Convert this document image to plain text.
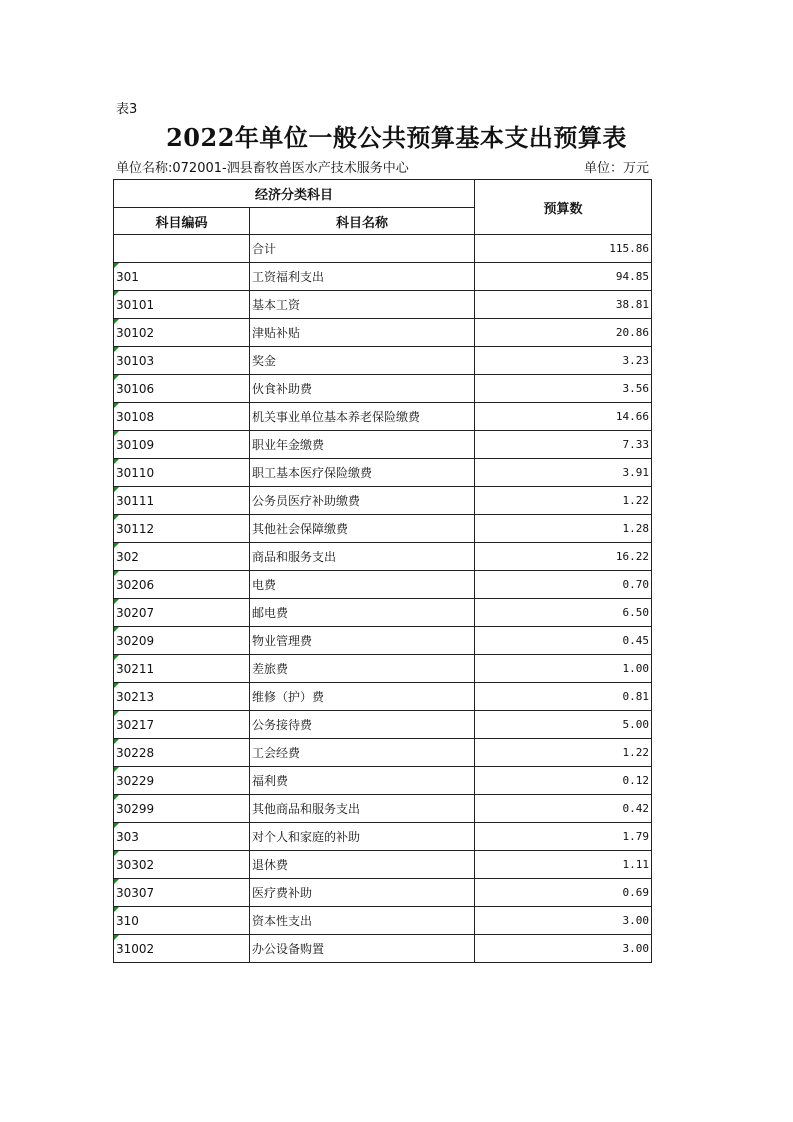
表3
2022年单位一般公共预算基本支出预算表
单位名称:072001-泗县畜牧兽医水产技术服务中心	单位：万元
经济分类科目		预算数
科目编码	科目名称	
	合计	115.86

301	工资福利支出	94.85

30101	基本工资	38.81

30102	津贴补贴	20.86

30103	奖金	3.23

30106	伙食补助费	3.56

30108	机关事业单位基本养老保险缴费	14.66

30109	职业年金缴费	7.33

30110	职工基本医疗保险缴费	3.91

30111	公务员医疗补助缴费	1.22

30112	其他社会保障缴费	1.28

302	商品和服务支出	16.22

30206	电费	0.70

30207	邮电费	6.50

30209	物业管理费	0.45

30211	差旅费	1.00

30213	维修（护）费	0.81

30217	公务接待费	5.00

30228	工会经费	1.22

30229	福利费	0.12

30299	其他商品和服务支出	0.42

303	对个人和家庭的补助	1.79

30302	退休费	1.11

30307	医疗费补助	0.69

310	资本性支出	3.00

31002	办公设备购置	3.00
